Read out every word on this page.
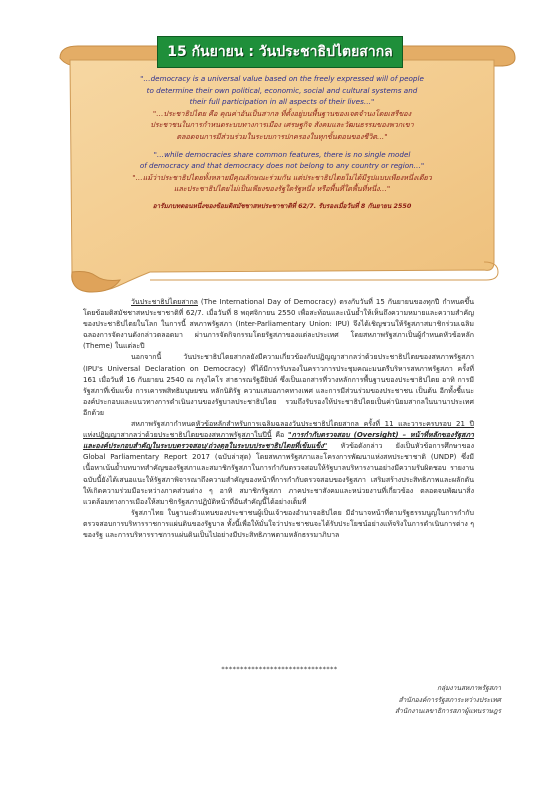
15 กันยายน : วันประชาธิปไตยสากล
"…democracy is a universal value based on the freely expressed will of people
to determine their own political, economic, social and cultural systems and
their full participation in all aspects of their lives…"
"…ประชาธิปไตย คือ คุณค่าอันเป็นสากล ที่ตั้งอยู่บนพื้นฐานของเจตจำนงโดยเสรีของ
ประชาชนในการกำหนดระบบทางการเมือง เศรษฐกิจ สังคมและวัฒนธรรมของพวกเขา
ตลอดจนการมีส่วนร่วมในระบบการปกครองในทุกขั้นตอนของชีวิต…"
"…while democracies share common features, there is no single model
of democracy and that democracy does not belong to any country or region…"
"…แม้ว่าประชาธิปไตยทั้งหลายมีคุณลักษณะร่วมกัน แต่ประชาธิปไตยไม่ได้มีรูปแบบเพียงหนึ่งเดียว
และประชาธิปไตยไม่เป็นเพียงของรัฐใดรัฐหนึ่ง หรือพื้นที่ใดพื้นที่หนึ่ง…"
อารัมภบทตอนหนึ่งของข้อมติสมัชชาสหประชาชาติที่ 62/7. รับรองเมื่อวันที่ 8 กันยายน 2550

วันประชาธิปไตยสากล (The International Day of Democracy) ตรงกับวันที่ 15 กันยายนของทุกปี กำหนดขึ้นโดยข้อมติสมัชชาสหประชาชาติที่ 62/7. เมื่อวันที่ 8 พฤศจิกายน 2550 เพื่อสะท้อนและเน้นย้ำให้เห็นถึงความหมายและความสำคัญของประชาธิปไตยในโลก ในการนี้ สหภาพรัฐสภา (Inter-Parliamentary Union: IPU) จึงได้เชิญชวนให้รัฐสภาสมาชิกร่วมเฉลิมฉลองการจัดงานดังกล่าวตลอดมา ผ่านการจัดกิจกรรมโดยรัฐสภาของแต่ละประเทศ โดยสหภาพรัฐสภาเป็นผู้กำหนดหัวข้อหลัก (Theme) ในแต่ละปี

นอกจากนี้ วันประชาธิปไตยสากลยังมีความเกี่ยวข้องกับปฏิญญาสากลว่าด้วยประชาธิปไตยของสหภาพรัฐสภา (IPU's Universal Declaration on Democracy) ที่ได้มีการรับรองในคราวการประชุมคณะมนตรีบริหารสหภาพรัฐสภา ครั้งที่ 161 เมื่อวันที่ 16 กันยายน 2540 ณ กรุงไคโร สาธารณรัฐอียิปต์ ซึ่งเป็นเอกสารที่วางหลักการพื้นฐานของประชาธิปไตย อาทิ การมีรัฐสภาที่เข้มแข็ง การเคารพสิทธิมนุษยชน หลักนิติรัฐ ความเสมอภาคทางเพศ และการมีส่วนร่วมของประชาชน เป็นต้น อีกทั้งชี้แนะองค์ประกอบและแนวทางการดำเนินงานของรัฐบาลประชาธิปไตย รวมถึงรับรองให้ประชาธิปไตยเป็นค่านิยมสากลในนานาประเทศอีกด้วย

สหภาพรัฐสภากำหนดหัวข้อหลักสำหรับการเฉลิมฉลองวันประชาธิปไตยสากล ครั้งที่ 11 และวาระครบรอบ 21 ปี แห่งปฏิญญาสากลว่าด้วยประชาธิปไตยของสหภาพรัฐสภาในปีนี้ คือ "การกำกับตรวจสอบ (Oversight) – หน้าที่หลักของรัฐสภาและองค์ประกอบสำคัญในระบบตรวจสอบ/ถ่วงดุลในระบบประชาธิปไตยที่เข้มแข็ง" หัวข้อดังกล่าว ยังเป็นหัวข้อการศึกษาของ Global Parliamentary Report 2017 (ฉบับล่าสุด) โดยสหภาพรัฐสภาและโครงการพัฒนาแห่งสหประชาชาติ (UNDP) ซึ่งมีเนื้อหาเน้นย้ำบทบาทสำคัญของรัฐสภาและสมาชิกรัฐสภาในการกำกับตรวจสอบให้รัฐบาลบริหารงานอย่างมีความรับผิดชอบ รายงานฉบับนี้ยังได้เสนอแนะให้รัฐสภาพิจารณาถึงความสำคัญของหน้าที่การกำกับตรวจสอบของรัฐสภา เสริมสร้างประสิทธิภาพและผลักดันให้เกิดความร่วมมือระหว่างภาคส่วนต่าง ๆ อาทิ สมาชิกรัฐสภา ภาคประชาสังคมและหน่วยงานที่เกี่ยวข้อง ตลอดจนพัฒนาสิ่งแวดล้อมทางการเมืองให้สมาชิกรัฐสภาปฏิบัติหน้าที่อันสำคัญนี้ได้อย่างเต็มที่

รัฐสภาไทย ในฐานะตัวแทนของประชาชนผู้เป็นเจ้าของอำนาจอธิปไตย มีอำนาจหน้าที่ตามรัฐธรรมนูญในการกำกับตรวจสอบการบริหารราชการแผ่นดินของรัฐบาล ทั้งนี้เพื่อให้มั่นใจว่าประชาชนจะได้รับประโยชน์อย่างแท้จริงในการดำเนินการต่าง ๆ ของรัฐ และการบริหารราชการแผ่นดินเป็นไปอย่างมีประสิทธิภาพตามหลักธรรมาภิบาล

*******************************
กลุ่มงานสหภาพรัฐสภา
สำนักองค์การรัฐสภาระหว่างประเทศ
สำนักงานเลขาธิการสภาผู้แทนราษฎร
